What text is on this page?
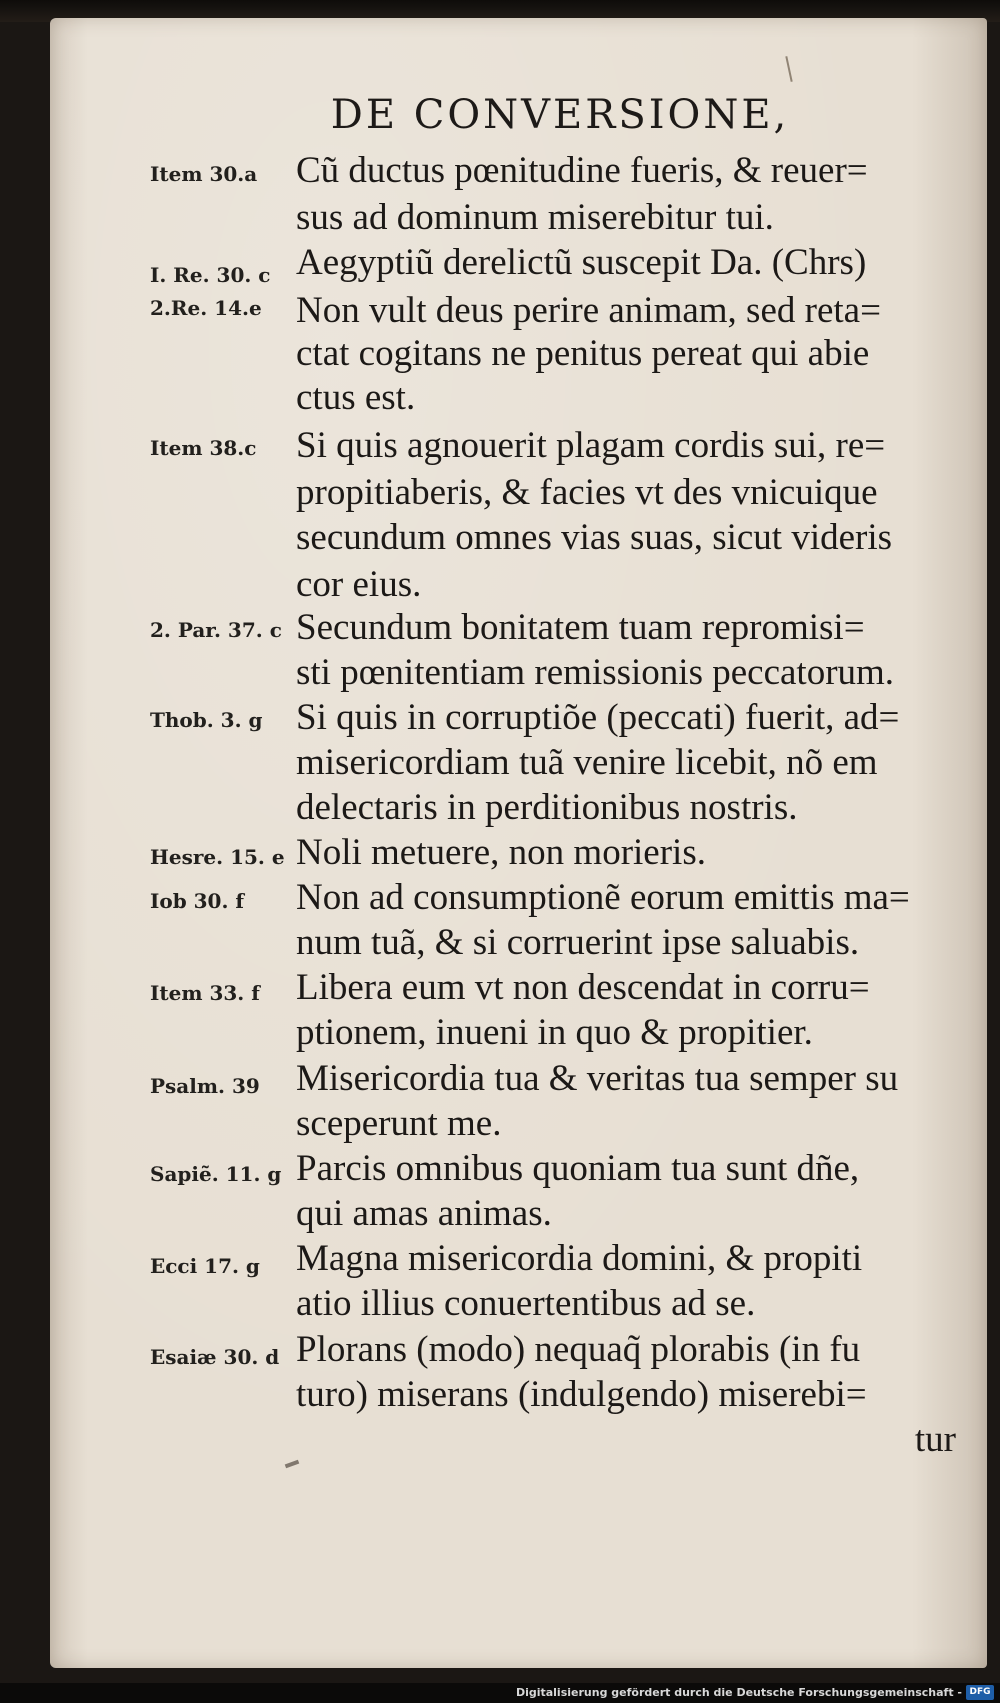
DE CONVERSIONE,
Item 30.a	Cũ ductus pœnitudine fueris, & reuer=
sus ad dominum miserebitur tui.
I. Re. 30. c Aegyptiũ derelictũ suscepit Da. (Chrs)
2.Re. 14.e Non vult deus perire animam, sed reta=
ctat cogitans ne penitus pereat qui abie
ctus est.
Item 38.c	Si quis agnouerit plagam cordis sui, re=
propitiaberis, & facies vt des vnicuique
secundum omnes vias suas, sicut videris
cor eius.
2. Par. 37. c Secundum bonitatem tuam repromisi=
sti pœnitentiam remissionis peccatorum.
Thob. 3. g Si quis in corruptiõe (peccati) fuerit, ad=
misericordiam tuã venire licebit, nõ em
delectaris in perditionibus nostris.
Hesre. 15. e Noli metuere, non morieris.
Iob 30. f	Non ad consumptionẽ eorum emittis ma=
num tuã, & si corruerint ipse saluabis.
Item 33. f Libera eum vt non descendat in corru=
ptionem, inueni in quo & propitier.
Psalm. 39 Misericordia tua & veritas tua semper su
sceperunt me.
Sapiẽ. 11. g Parcis omnibus quoniam tua sunt dñe,
qui amas animas.
Ecci 17. g Magna misericordia domini, & propiti
atio illius conuertentibus ad se.
Esaiæ 30. d Plorans (modo) nequaq̃ plorabis (in fu
turo) miserans (indulgendo) miserebi=
tur
Digitalisierung gefördert durch die Deutsche Forschungsgemeinschaft - DFG
